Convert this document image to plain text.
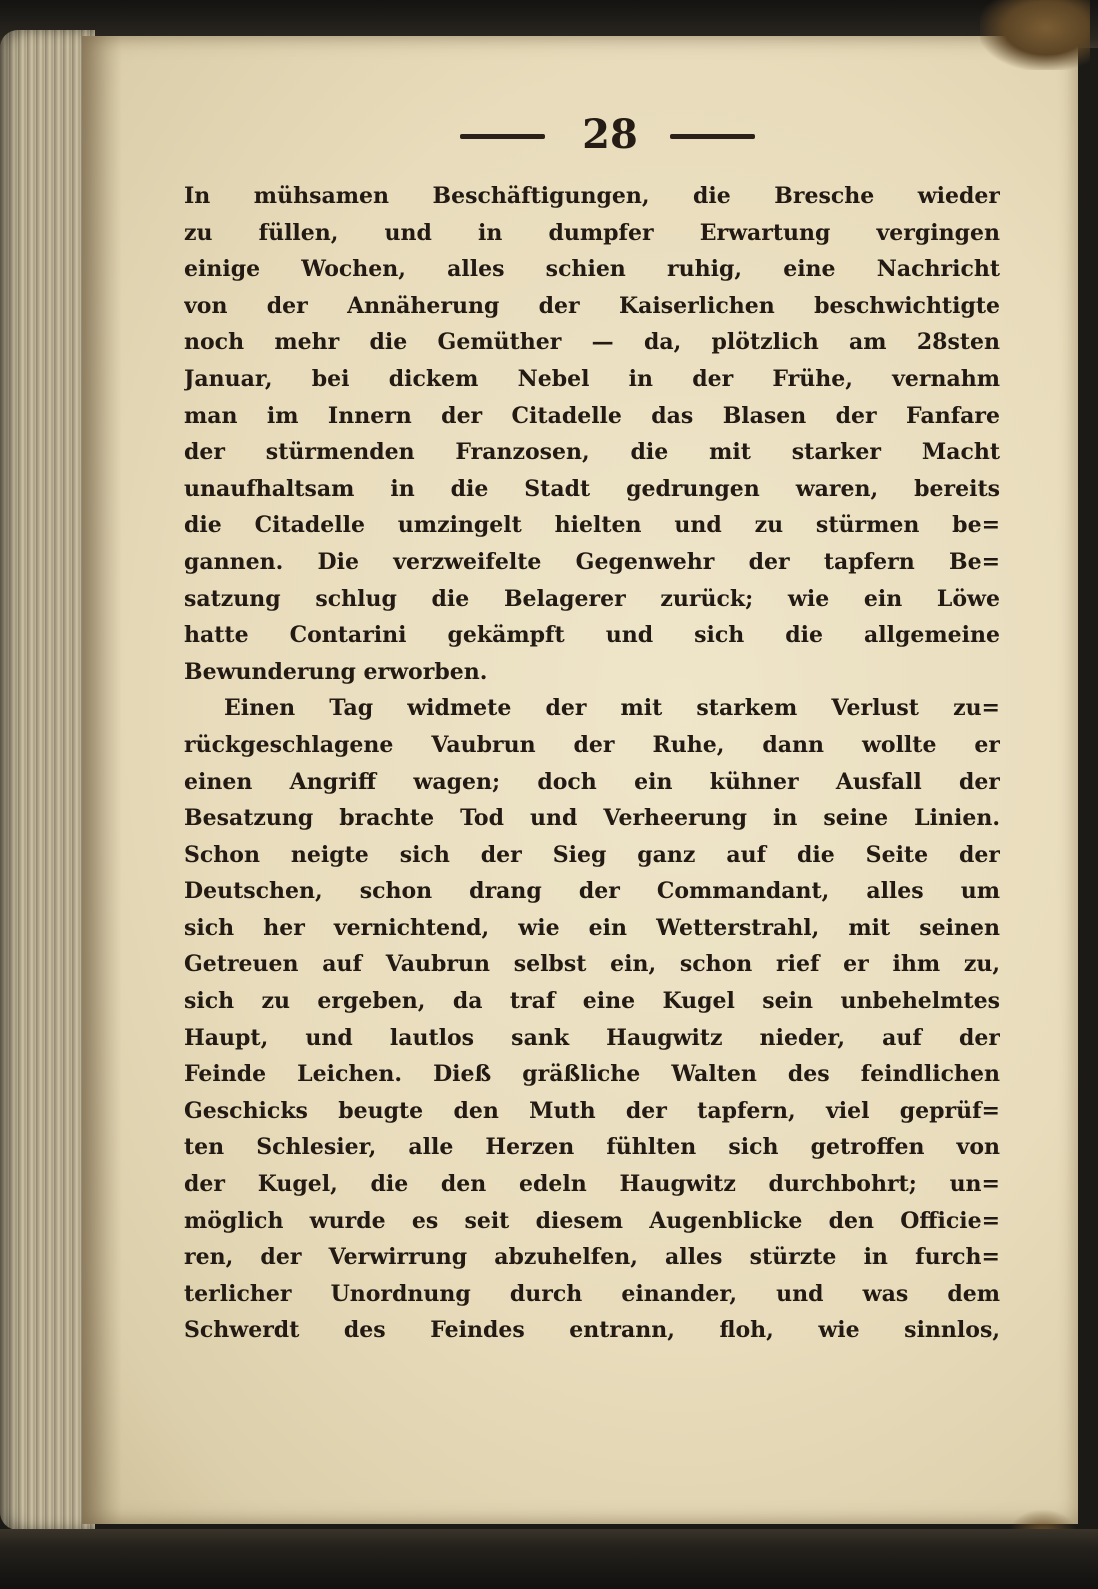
28
In mühsamen Beschäftigungen, die Bresche wieder
zu füllen, und in dumpfer Erwartung vergingen
einige Wochen, alles schien ruhig, eine Nachricht
von der Annäherung der Kaiserlichen beschwichtigte
noch mehr die Gemüther — da, plötzlich am 28sten
Januar, bei dickem Nebel in der Frühe, vernahm
man im Innern der Citadelle das Blasen der Fanfare
der stürmenden Franzosen, die mit starker Macht
unaufhaltsam in die Stadt gedrungen waren, bereits
die Citadelle umzingelt hielten und zu stürmen be=
gannen. Die verzweifelte Gegenwehr der tapfern Be=
satzung schlug die Belagerer zurück; wie ein Löwe
hatte Contarini gekämpft und sich die allgemeine
Bewunderung erworben.
Einen Tag widmete der mit starkem Verlust zu=
rückgeschlagene Vaubrun der Ruhe, dann wollte er
einen Angriff wagen; doch ein kühner Ausfall der
Besatzung brachte Tod und Verheerung in seine Linien.
Schon neigte sich der Sieg ganz auf die Seite der
Deutschen, schon drang der Commandant, alles um
sich her vernichtend, wie ein Wetterstrahl, mit seinen
Getreuen auf Vaubrun selbst ein, schon rief er ihm zu,
sich zu ergeben, da traf eine Kugel sein unbehelmtes
Haupt, und lautlos sank Haugwitz nieder, auf der
Feinde Leichen. Dieß gräßliche Walten des feindlichen
Geschicks beugte den Muth der tapfern, viel geprüf=
ten Schlesier, alle Herzen fühlten sich getroffen von
der Kugel, die den edeln Haugwitz durchbohrt; un=
möglich wurde es seit diesem Augenblicke den Officie=
ren, der Verwirrung abzuhelfen, alles stürzte in furch=
terlicher Unordnung durch einander, und was dem
Schwerdt des Feindes entrann, floh, wie sinnlos,
